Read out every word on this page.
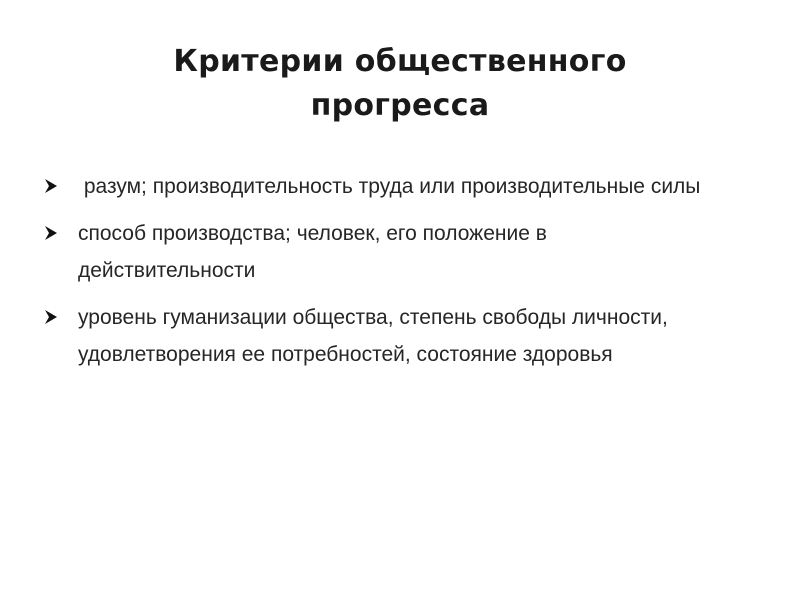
Критерии общественного
прогресса
разум; производительность труда или производительные силы
способ производства; человек, его положение в действительности
уровень гуманизации общества, степень свободы личности, удовлетворения ее потребностей, состояние здоровья
